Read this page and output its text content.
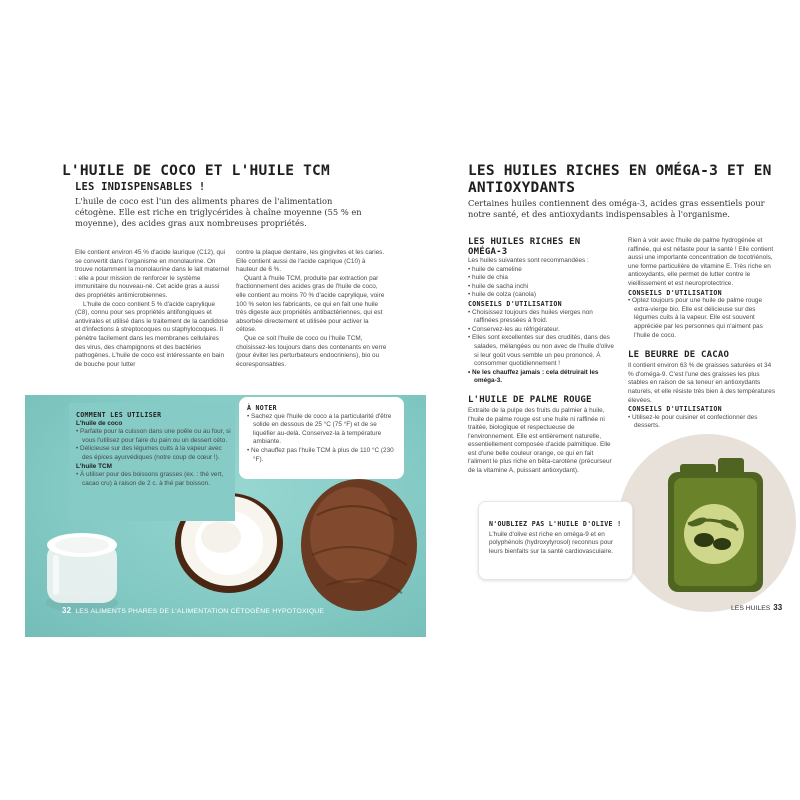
L'HUILE DE COCO ET L'HUILE TCM
LES INDISPENSABLES !
L'huile de coco est l'un des aliments phares de l'alimentation cétogène. Elle est riche en triglycérides à chaîne moyenne (55 % en moyenne), des acides gras aux nombreuses propriétés.

Elle contient environ 45 % d'acide laurique (C12), qui se convertit dans l'organisme en monolaurine. On trouve notamment la monolaurine dans le lait maternel : elle a pour mission de renforcer le système immunitaire du nouveau-né. Cet acide gras a aussi des propriétés antimicrobiennes.

L'huile de coco contient 5 % d'acide caprylique (C8), connu pour ses propriétés antifongiques et antivirales et utilisé dans le traitement de la candidose et d'infections à streptocoques ou staphylocoques. Il pénètre facilement dans les membranes cellulaires des virus, des champignons et des bactéries pathogènes. L'huile de coco est intéressante en bain de bouche pour lutter

contre la plaque dentaire, les gingivites et les caries. Elle contient aussi de l'acide caprique (C10) à hauteur de 6 %.

Quant à l'huile TCM, produite par extraction par fractionnement des acides gras de l'huile de coco, elle contient au moins 70 % d'acide caprylique, voire 100 % selon les fabricants, ce qui en fait une huile très digeste aux propriétés antibactériennes, qui est absorbée directement et utilisée pour activer la cétose.

Que ce soit l'huile de coco ou l'huile TCM, choisissez-les toujours dans des contenants en verre (pour éviter les perturbateurs endocriniens), bio ou écoresponsables.

COMMENT LES UTILISER
L'huile de coco
• Parfaite pour la cuisson dans une poêle ou au four, si vous l'utilisez pour faire du pain ou un dessert céto.
• Délicieuse sur des légumes cuits à la vapeur avec des épices ayurvédiques (notre coup de cœur !).
L'huile TCM
• À utiliser pour des boissons grasses (ex. : thé vert, cacao cru) à raison de 2 c. à thé par boisson.
À NOTER
• Sachez que l'huile de coco a la particularité d'être solide en dessous de 25 °C (75 °F) et de se liquéfier au-delà. Conservez-la à température ambiante.
• Ne chauffez pas l'huile TCM à plus de 110 °C (230 °F).
32 LES ALIMENTS PHARES DE L'ALIMENTATION CÉTOGÈNE HYPOTOXIQUE
LES HUILES RICHES EN OMÉGA-3 ET EN ANTIOXYDANTS
Certaines huiles contiennent des oméga-3, acides gras essentiels pour notre santé, et des antioxydants indispensables à l'organisme.
LES HUILES RICHES EN OMÉGA-3
Les huiles suivantes sont recommandées :
• huile de cameline
• huile de chia
• huile de sacha inchi
• huile de colza (canola)
CONSEILS D'UTILISATION
• Choisissez toujours des huiles vierges non raffinées pressées à froid.
• Conservez-les au réfrigérateur.
• Elles sont excellentes sur des crudités, dans des salades, mélangées ou non avec de l'huile d'olive si leur goût vous semble un peu prononcé. À consommer quotidiennement !
• Ne les chauffez jamais : cela détruirait les oméga-3.
L'HUILE DE PALME ROUGE
Extraite de la pulpe des fruits du palmier à huile, l'huile de palme rouge est une huile ni raffinée ni traitée, biologique et respectueuse de l'environnement. Elle est entièrement naturelle, essentiellement composée d'acide palmitique. Elle est d'une belle couleur orange, ce qui en fait l'aliment le plus riche en bêta-carotène (précurseur de la vitamine A, puissant antioxydant).
Rien à voir avec l'huile de palme hydrogénée et raffinée, qui est néfaste pour la santé ! Elle contient aussi une importante concentration de tocotriénols, une forme particulière de vitamine E. Très riche en antioxydants, elle permet de lutter contre le vieillissement et est neuroprotectrice.
CONSEILS D'UTILISATION
• Optez toujours pour une huile de palme rouge extra-vierge bio. Elle est délicieuse sur des légumes cuits à la vapeur. Elle est souvent appréciée par les personnes qui n'aiment pas l'huile de coco.
LE BEURRE DE CACAO
Il contient environ 63 % de graisses saturées et 34 % d'oméga-9. C'est l'une des graisses les plus stables en raison de sa teneur en antioxydants naturels, et elle résiste très bien à des températures élevées.
CONSEILS D'UTILISATION
• Utilisez-le pour cuisiner et confectionner des desserts.
N'OUBLIEZ PAS L'HUILE D'OLIVE !
L'huile d'olive est riche en oméga-9 et en polyphénols (hydroxytyrosol) reconnus pour leurs bienfaits sur la santé cardiovasculaire.
LES HUILES 33
